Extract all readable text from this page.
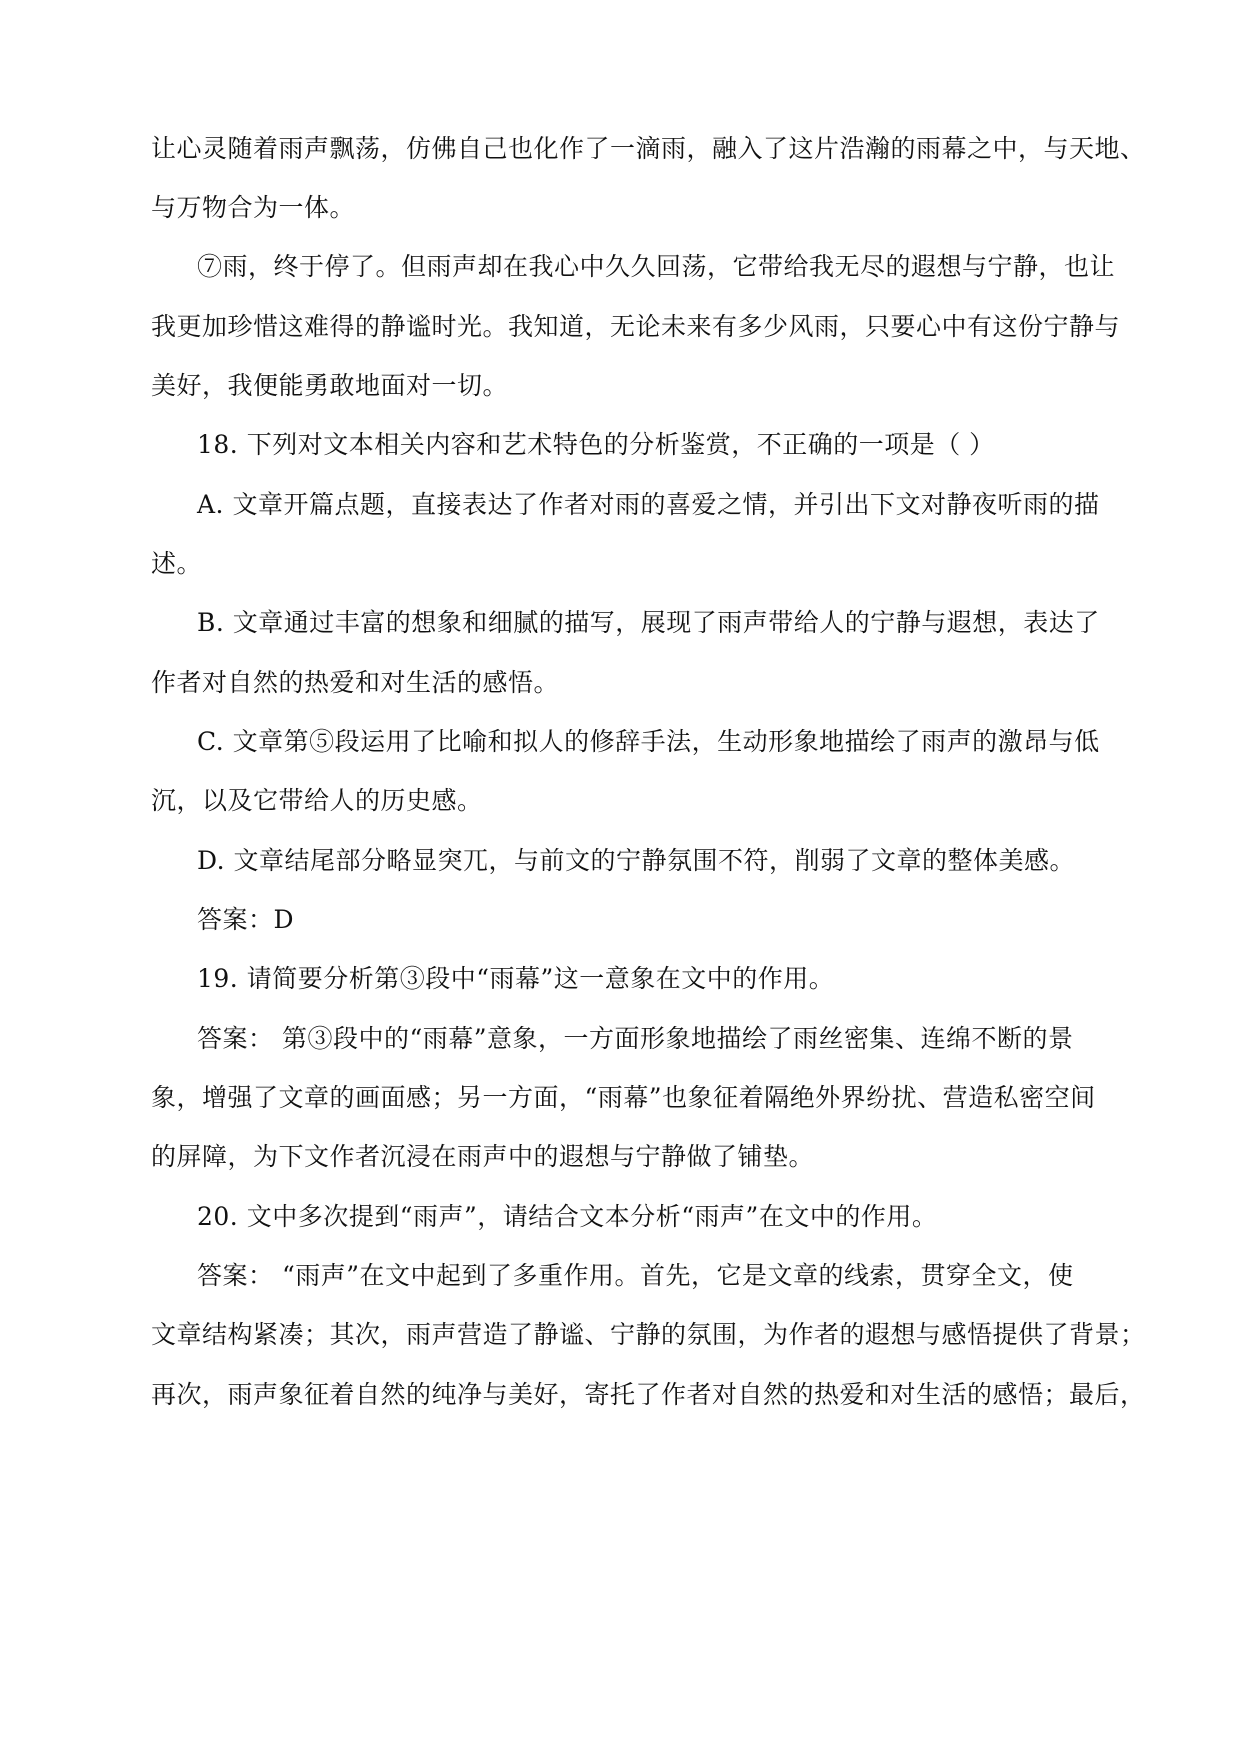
让心灵随着雨声飘荡，仿佛自己也化作了一滴雨，融入了这片浩瀚的雨幕之中，与天地、
与万物合为一体。
⑦雨，终于停了。但雨声却在我心中久久回荡，它带给我无尽的遐想与宁静，也让
我更加珍惜这难得的静谧时光。我知道，无论未来有多少风雨，只要心中有这份宁静与
美好，我便能勇敢地面对一切。
18. 下列对文本相关内容和艺术特色的分析鉴赏，不正确的一项是（ ）
A. 文章开篇点题，直接表达了作者对雨的喜爱之情，并引出下文对静夜听雨的描
述。
B. 文章通过丰富的想象和细腻的描写，展现了雨声带给人的宁静与遐想，表达了
作者对自然的热爱和对生活的感悟。
C. 文章第⑤段运用了比喻和拟人的修辞手法，生动形象地描绘了雨声的激昂与低
沉，以及它带给人的历史感。
D. 文章结尾部分略显突兀，与前文的宁静氛围不符，削弱了文章的整体美感。
答案：D
19. 请简要分析第③段中“雨幕”这一意象在文中的作用。
答案： 第③段中的“雨幕”意象，一方面形象地描绘了雨丝密集、连绵不断的景
象，增强了文章的画面感；另一方面，“雨幕”也象征着隔绝外界纷扰、营造私密空间
的屏障，为下文作者沉浸在雨声中的遐想与宁静做了铺垫。
20. 文中多次提到“雨声”，请结合文本分析“雨声”在文中的作用。
答案： “雨声”在文中起到了多重作用。首先，它是文章的线索，贯穿全文，使
文章结构紧凑；其次，雨声营造了静谧、宁静的氛围，为作者的遐想与感悟提供了背景；
再次，雨声象征着自然的纯净与美好，寄托了作者对自然的热爱和对生活的感悟；最后，
